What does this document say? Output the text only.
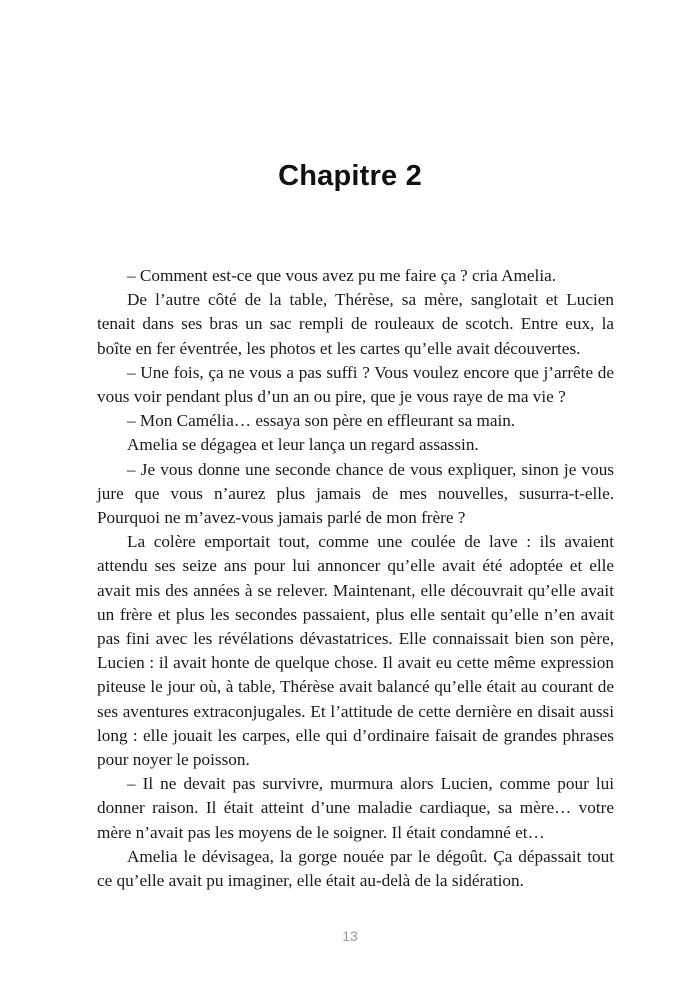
Chapitre 2

– Comment est-ce que vous avez pu me faire ça ? cria Amelia.

De l’autre côté de la table, Thérèse, sa mère, sanglotait et Lucien tenait dans ses bras un sac rempli de rouleaux de scotch. Entre eux, la boîte en fer éventrée, les photos et les cartes qu’elle avait découvertes.

– Une fois, ça ne vous a pas suffi ? Vous voulez encore que j’arrête de vous voir pendant plus d’un an ou pire, que je vous raye de ma vie ?

– Mon Camélia… essaya son père en effleurant sa main.

Amelia se dégagea et leur lança un regard assassin.

– Je vous donne une seconde chance de vous expliquer, sinon je vous jure que vous n’aurez plus jamais de mes nouvelles, susurra-t-elle. Pourquoi ne m’avez-vous jamais parlé de mon frère ?

La colère emportait tout, comme une coulée de lave : ils avaient attendu ses seize ans pour lui annoncer qu’elle avait été adoptée et elle avait mis des années à se relever. Maintenant, elle découvrait qu’elle avait un frère et plus les secondes passaient, plus elle sentait qu’elle n’en avait pas fini avec les révélations dévastatrices. Elle connaissait bien son père, Lucien : il avait honte de quelque chose. Il avait eu cette même expression piteuse le jour où, à table, Thérèse avait balancé qu’elle était au courant de ses aventures extraconjugales. Et l’attitude de cette dernière en disait aussi long : elle jouait les carpes, elle qui d’ordinaire faisait de grandes phrases pour noyer le poisson.

– Il ne devait pas survivre, murmura alors Lucien, comme pour lui donner raison. Il était atteint d’une maladie cardiaque, sa mère… votre mère n’avait pas les moyens de le soigner. Il était condamné et…

Amelia le dévisagea, la gorge nouée par le dégoût. Ça dépassait tout ce qu’elle avait pu imaginer, elle était au-delà de la sidération.

13
